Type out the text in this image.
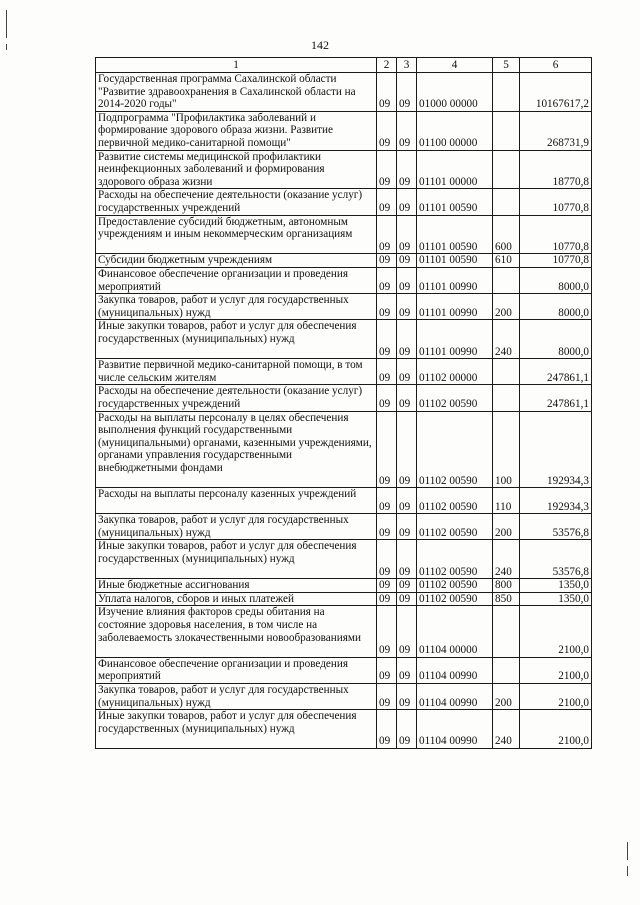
142
1	2	3	4	5	6
Государственная программа Сахалинской области "Развитие здравоохранения в Сахалинской области на 2014-2020 годы"	09	09	01000 00000		10167617,2
Подпрограмма "Профилактика заболеваний и формирование здорового образа жизни. Развитие первичной медико-санитарной помощи"	09	09	01100 00000		268731,9
Развитие системы медицинской профилактики неинфекционных заболеваний и формирования здорового образа жизни	09	09	01101 00000		18770,8
Расходы на обеспечение деятельности (оказание услуг) государственных учреждений	09	09	01101 00590		10770,8
Предоставление субсидий бюджетным, автономным учреждениям и иным некоммерческим организациям	09	09	01101 00590	600	10770,8
Субсидии бюджетным учреждениям	09	09	01101 00590	610	10770,8
Финансовое обеспечение организации и проведения мероприятий	09	09	01101 00990		8000,0
Закупка товаров, работ и услуг для государственных (муниципальных) нужд	09	09	01101 00990	200	8000,0
Иные закупки товаров, работ и услуг для обеспечения государственных (муниципальных) нужд	09	09	01101 00990	240	8000,0
Развитие первичной медико-санитарной помощи, в том числе сельским жителям	09	09	01102 00000		247861,1
Расходы на обеспечение деятельности (оказание услуг) государственных учреждений	09	09	01102 00590		247861,1
Расходы на выплаты персоналу в целях обеспечения выполнения функций государственными (муниципальными) органами, казенными учреждениями, органами управления государственными внебюджетными фондами	09	09	01102 00590	100	192934,3
Расходы на выплаты персоналу казенных учреждений	09	09	01102 00590	110	192934,3
Закупка товаров, работ и услуг для государственных (муниципальных) нужд	09	09	01102 00590	200	53576,8
Иные закупки товаров, работ и услуг для обеспечения государственных (муниципальных) нужд	09	09	01102 00590	240	53576,8
Иные бюджетные ассигнования	09	09	01102 00590	800	1350,0
Уплата налогов, сборов и иных платежей	09	09	01102 00590	850	1350,0
Изучение влияния факторов среды обитания на состояние здоровья населения, в том числе на заболеваемость злокачественными новообразованиями	09	09	01104 00000		2100,0
Финансовое обеспечение организации и проведения мероприятий	09	09	01104 00990		2100,0
Закупка товаров, работ и услуг для государственных (муниципальных) нужд	09	09	01104 00990	200	2100,0
Иные закупки товаров, работ и услуг для обеспечения государственных (муниципальных) нужд	09	09	01104 00990	240	2100,0
